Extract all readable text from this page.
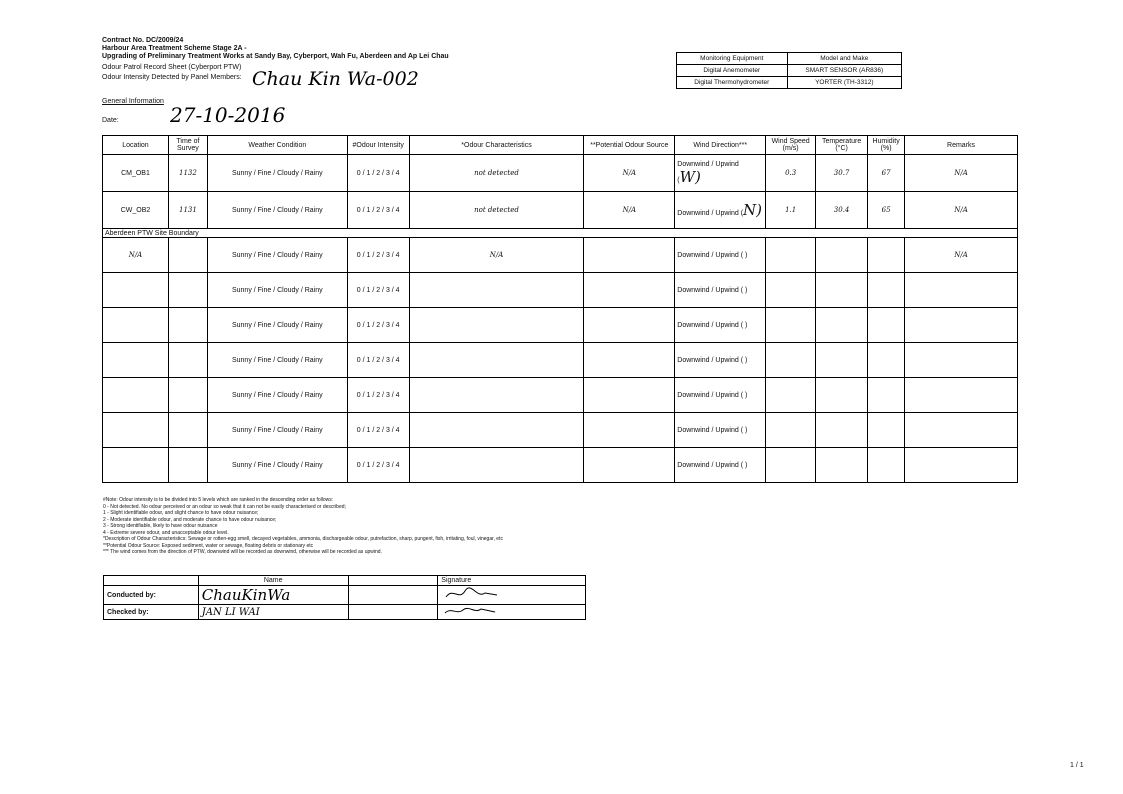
Contract No. DC/2009/24
Harbour Area Treatment Scheme Stage 2A -
Upgrading of Preliminary Treatment Works at Sandy Bay, Cyberport, Wah Fu, Aberdeen and Ap Lei Chau
Odour Patrol Record Sheet (Cyberport PTW)
Odour Intensity Detected by Panel Members: Chau Kin Wa-002
General Information
Date:	27-10-2016
Monitoring Equipment	Model and Make
Digital Anemometer	SMART SENSOR (AR836)
Digital Thermohydrometer	YORTER (TH-3312)
Location	Time of Survey	Weather Condition	#Odour Intensity	*Odour Characteristics	**Potential Odour Source	Wind Direction***	Wind Speed (m/s)	Temperature (°C)	Humidity (%)	Remarks
CM_OB1	1132	Sunny / Fine / Cloudy / Rainy	0 / 1 / 2 / 3 / 4	not detected	N/A	Downwind / Upwind (W)	0.3	30.7	67	N/A
CW_OB2	1131	Sunny / Fine / Cloudy / Rainy	0 / 1 / 2 / 3 / 4	not detected	N/A	Downwind / Upwind (N)	1.1	30.4	65	N/A
Aberdeen PTW Site Boundary										
N/A		Sunny / Fine / Cloudy / Rainy	0 / 1 / 2 / 3 / 4	N/A		Downwind / Upwind ( )				N/A
		Sunny / Fine / Cloudy / Rainy	0 / 1 / 2 / 3 / 4			Downwind / Upwind ( )				
		Sunny / Fine / Cloudy / Rainy	0 / 1 / 2 / 3 / 4			Downwind / Upwind ( )				
		Sunny / Fine / Cloudy / Rainy	0 / 1 / 2 / 3 / 4			Downwind / Upwind ( )				
		Sunny / Fine / Cloudy / Rainy	0 / 1 / 2 / 3 / 4			Downwind / Upwind ( )				
		Sunny / Fine / Cloudy / Rainy	0 / 1 / 2 / 3 / 4			Downwind / Upwind ( )				
		Sunny / Fine / Cloudy / Rainy	0 / 1 / 2 / 3 / 4			Downwind / Upwind ( )				
#Note: Odour intensity is to be divided into 5 levels which are ranked in the descending order as follows:
0 - Not detected. No odour perceived or an odour so weak that it can not be easily characterised or described;
1 - Slight identifiable odour, and slight chance to have odour nuisance;
2 - Moderate identifiable odour, and moderate chance to have odour nuisance;
3 - Strong identifiable, likely to have odour nuisance
4 - Extreme severe odour, and unacceptable odour level.
*Description of Odour Characteristics: Sewage or rotten-egg smell, decayed vegetables, ammonia, dischargeable odour, putrefaction, sharp, pungent, fish, irritating, foul, vinegar, etc
**Potential Odour Source: Exposed sediment, water or sewage, floating debris or stationary etc
*** The wind comes from the direction of PTW, downwind will be recorded as downwind, otherwise will be recorded as upwind.
	Name		Signature
Conducted by:	ChauKinWa		
Checked by:	JAN LI WAI		
1 / 1
